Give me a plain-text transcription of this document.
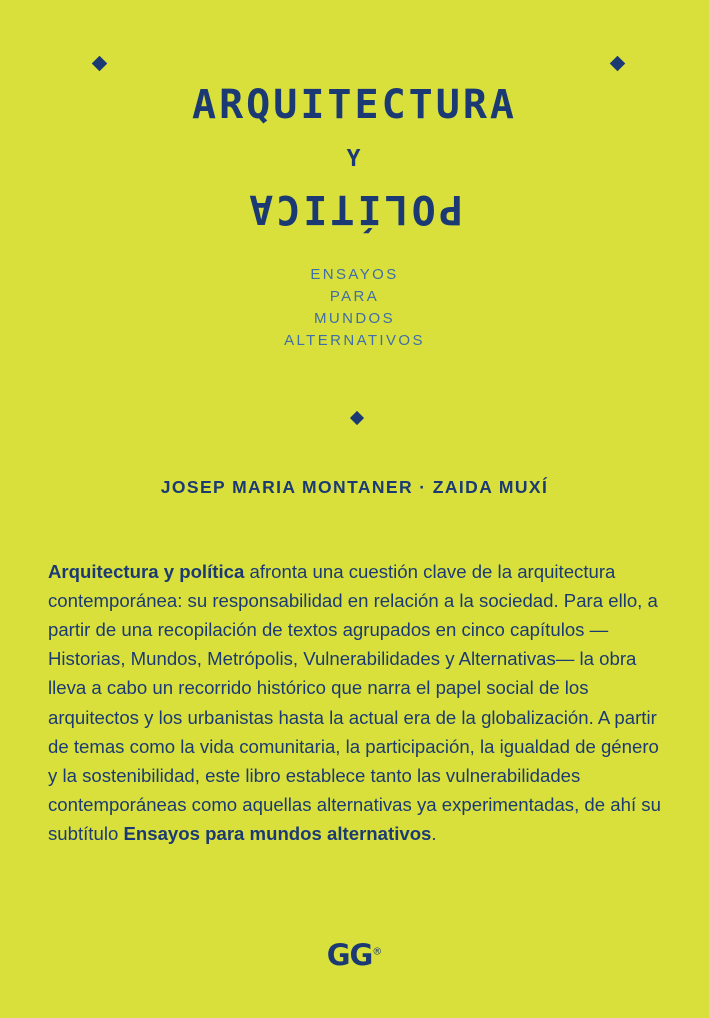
ARQUITECTURA
Y
POLÍTICA
ENSAYOS
PARA
MUNDOS
ALTERNATIVOS
JOSEP MARIA MONTANER · ZAIDA MUXÍ

Arquitectura y política afronta una cuestión clave de la arquitectura contemporánea: su responsabilidad en relación a la sociedad. Para ello, a partir de una recopilación de textos agrupados en cinco capítulos —Historias, Mundos, Metrópolis, Vulnerabilidades y Alternativas— la obra lleva a cabo un recorrido histórico que narra el papel social de los arquitectos y los urbanistas hasta la actual era de la globalización. A partir de temas como la vida comunitaria, la participación, la igualdad de género y la sostenibilidad, este libro establece tanto las vulnerabilidades contemporáneas como aquellas alternativas ya experimentadas, de ahí su subtítulo Ensayos para mundos alternativos.

GG®
